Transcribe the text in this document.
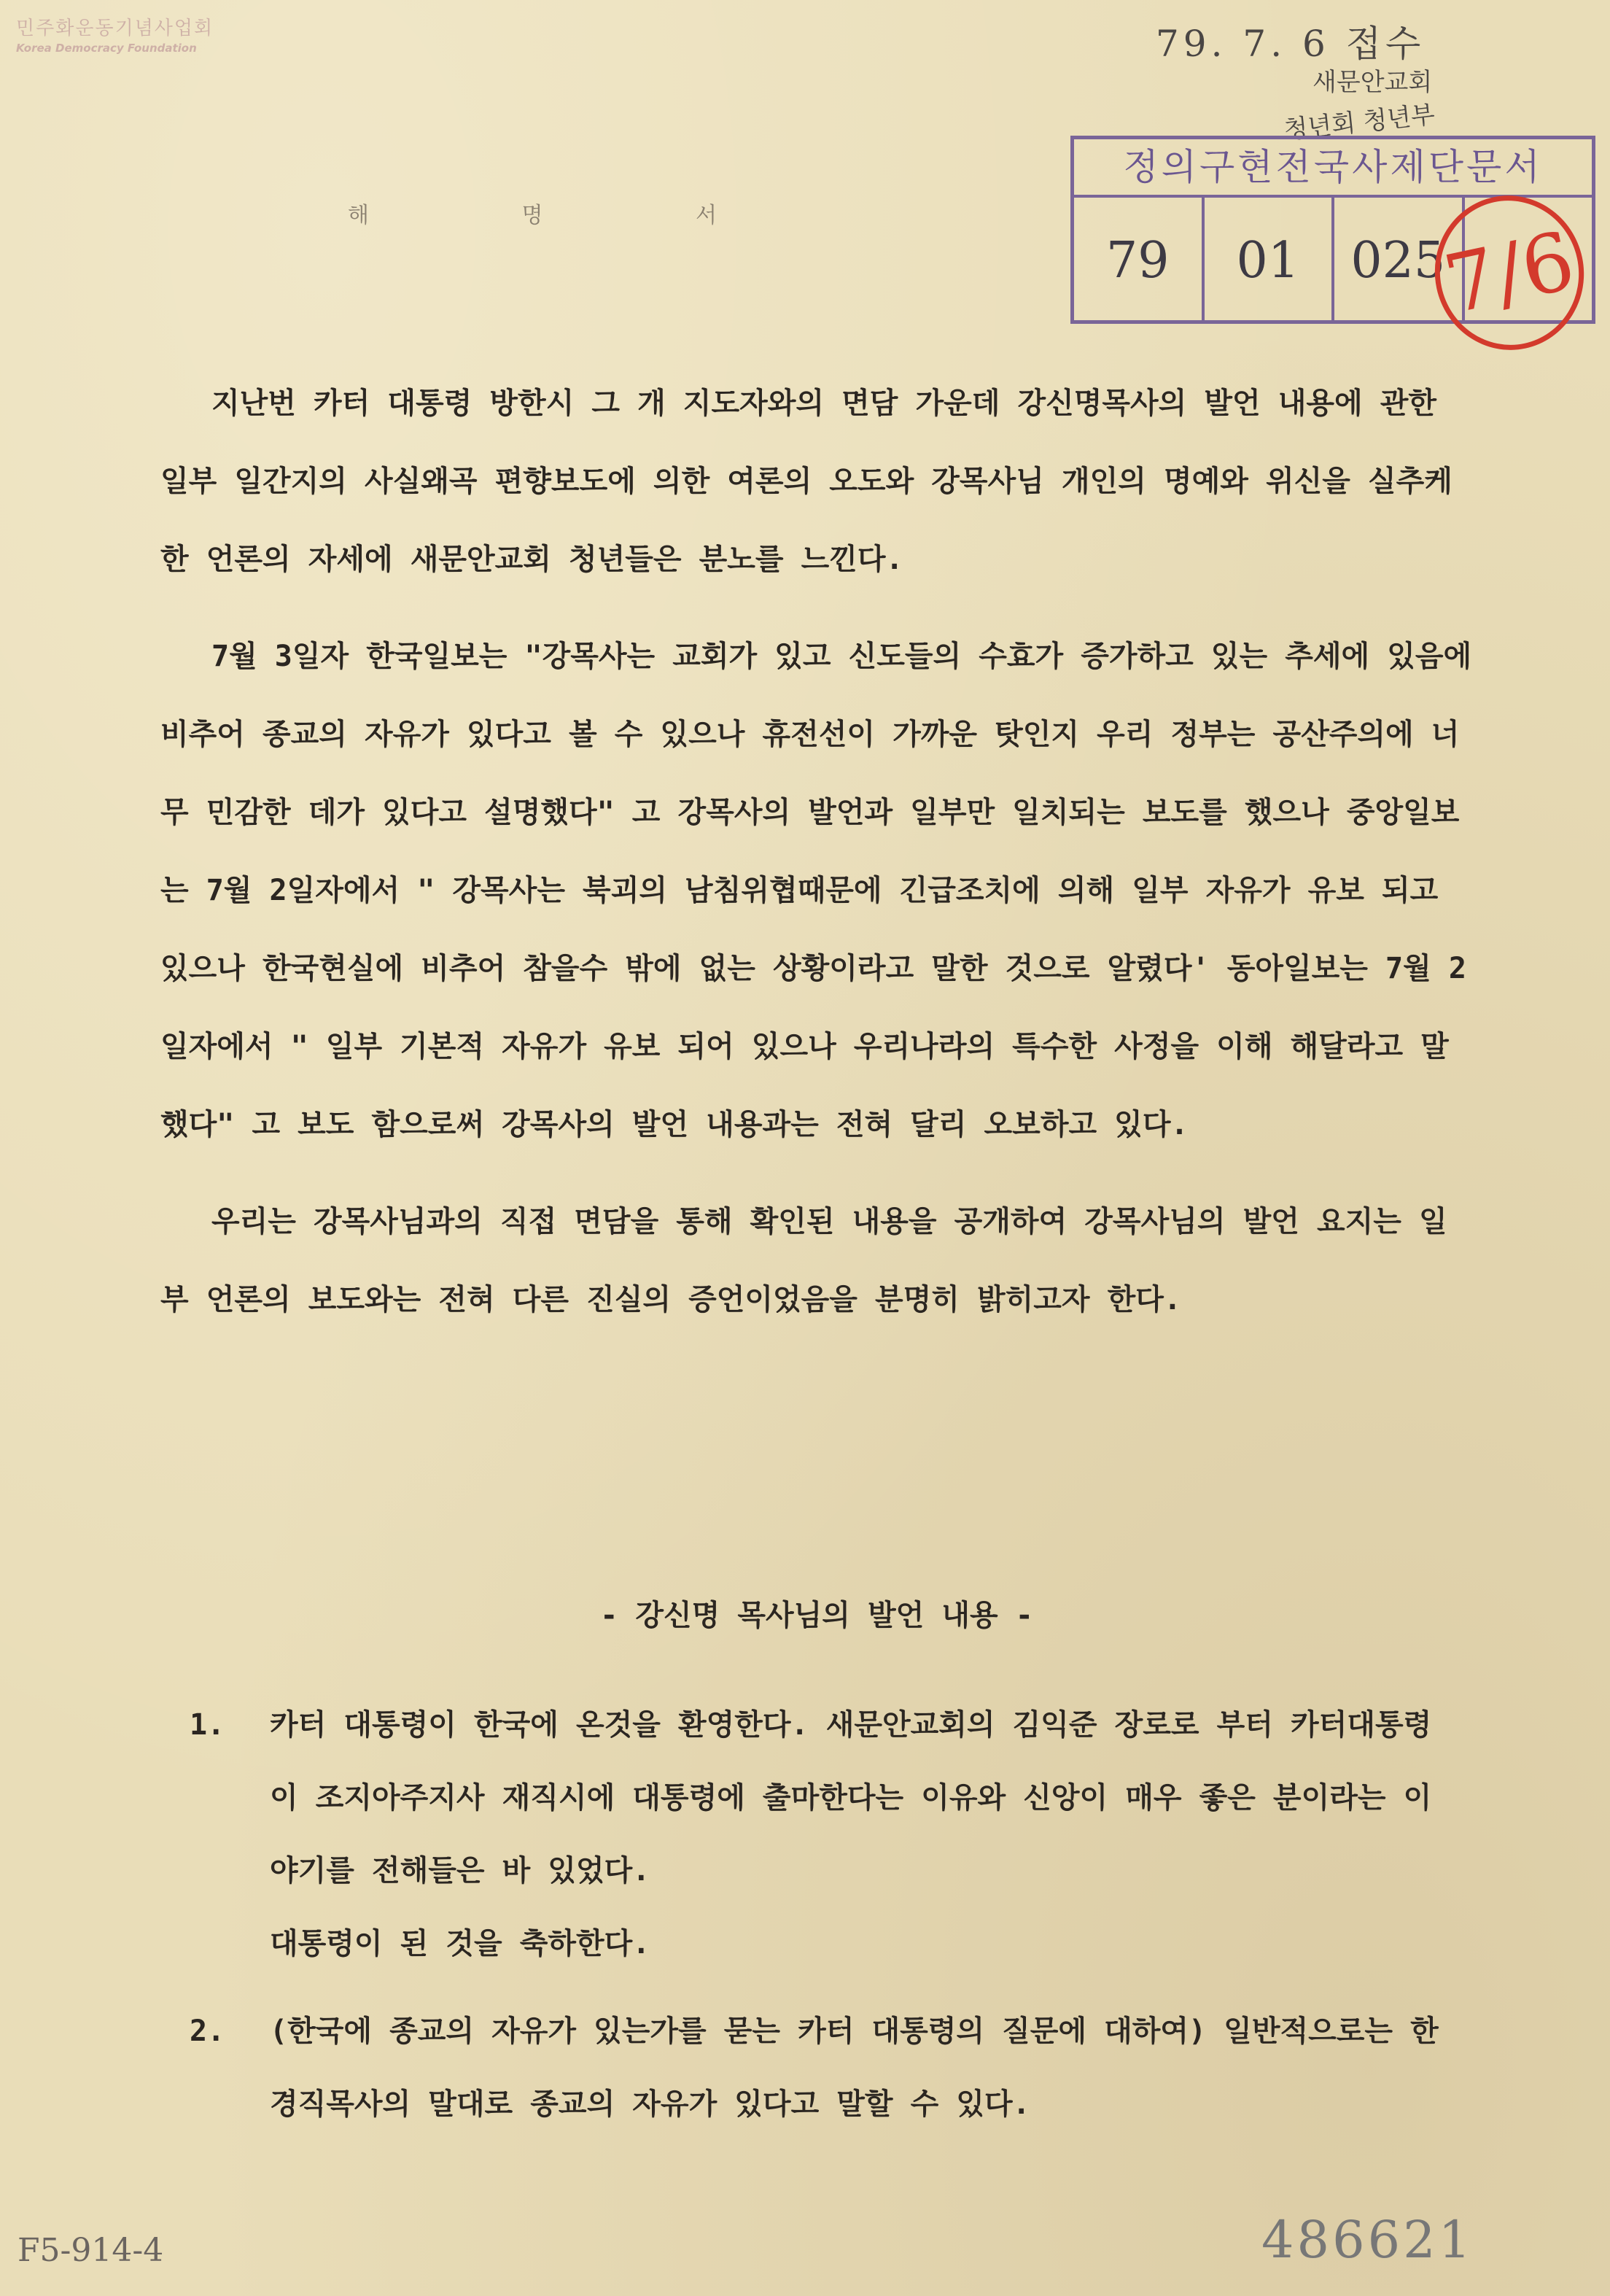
민주화운동기념사업회
Korea Democracy Foundation	79. 7. 6 접수
새문안교회
청년회 청년부
정의구현전국사제단문서
79	01	025
7/6
해 명 서

지난번 카터 대통령 방한시 그 개 지도자와의 면담 가운데 강신명목사의 발언 내용에 관한 일부 일간지의 사실왜곡 편향보도에 의한 여론의 오도와 강목사님 개인의 명예와 위신을 실추케한 언론의 자세에 새문안교회 청년들은 분노를 느낀다.

7월 3일자 한국일보는 "강목사는 교회가 있고 신도들의 수효가 증가하고 있는 추세에 있음에 비추어 종교의 자유가 있다고 볼 수 있으나 휴전선이 가까운 탓인지 우리 정부는 공산주의에 너무 민감한 데가 있다고 설명했다" 고 강목사의 발언과 일부만 일치되는 보도를 했으나 중앙일보는 7월 2일자에서 " 강목사는 북괴의 남침위협때문에 긴급조치에 의해 일부 자유가 유보 되고 있으나 한국현실에 비추어 참을수 밖에 없는 상황이라고 말한 것으로 알렸다' 동아일보는 7월 2일자에서 " 일부 기본적 자유가 유보 되어 있으나 우리나라의 특수한 사정을 이해 해달라고 말했다" 고 보도 함으로써 강목사의 발언 내용과는 전혀 달리 오보하고 있다.

우리는 강목사님과의 직접 면담을 통해 확인된 내용을 공개하여 강목사님의 발언 요지는 일부 언론의 보도와는 전혀 다른 진실의 증언이었음을 분명히 밝히고자 한다.

- 강신명 목사님의 발언 내용 -
1.	카터 대통령이 한국에 온것을 환영한다. 새문안교회의 김익준 장로로 부터 카터대통령이 조지아주지사 재직시에 대통령에 출마한다는 이유와 신앙이 매우 좋은 분이라는 이야기를 전해들은 바 있었다.
대통령이 된 것을 축하한다.
2.	(한국에 종교의 자유가 있는가를 묻는 카터 대통령의 질문에 대하여) 일반적으로는 한경직목사의 말대로 종교의 자유가 있다고 말할 수 있다.
F5-914-4	486621
